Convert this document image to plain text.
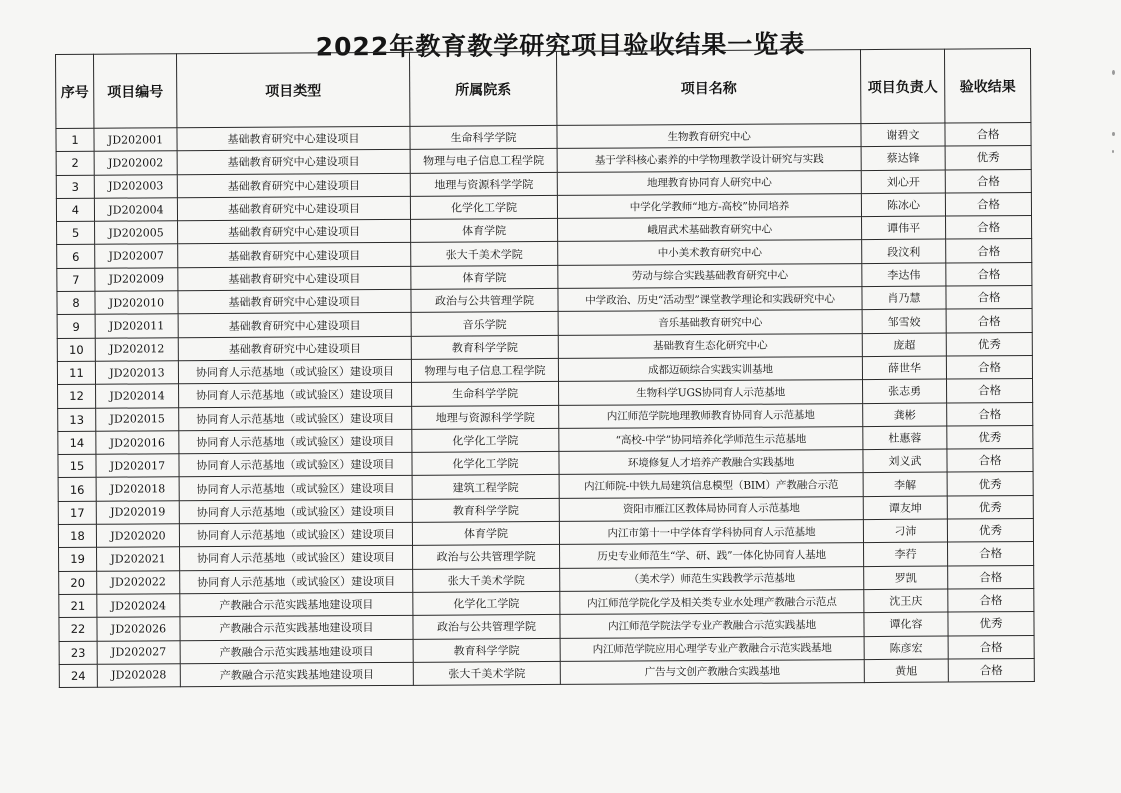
2022年教育教学研究项目验收结果一览表
序号	项目编号	项目类型	所属院系	项目名称	项目负责人	验收结果
1	JD202001	基础教育研究中心建设项目	生命科学学院	生物教育研究中心	谢碧文	合格
2	JD202002	基础教育研究中心建设项目	物理与电子信息工程学院	基于学科核心素养的中学物理教学设计研究与实践	蔡达锋	优秀
3	JD202003	基础教育研究中心建设项目	地理与资源科学学院	地理教育协同育人研究中心	刘心开	合格
4	JD202004	基础教育研究中心建设项目	化学化工学院	中学化学教师“地方-高校”协同培养	陈冰心	合格
5	JD202005	基础教育研究中心建设项目	体育学院	峨眉武术基础教育研究中心	谭伟平	合格
6	JD202007	基础教育研究中心建设项目	张大千美术学院	中小美术教育研究中心	段汶利	合格
7	JD202009	基础教育研究中心建设项目	体育学院	劳动与综合实践基础教育研究中心	李达伟	合格
8	JD202010	基础教育研究中心建设项目	政治与公共管理学院	中学政治、历史“活动型”课堂教学理论和实践研究中心	肖乃慧	合格
9	JD202011	基础教育研究中心建设项目	音乐学院	音乐基础教育研究中心	邹雪姣	合格
10	JD202012	基础教育研究中心建设项目	教育科学学院	基础教育生态化研究中心	庞超	优秀
11	JD202013	协同育人示范基地（或试验区）建设项目	物理与电子信息工程学院	成都迈硕综合实践实训基地	薛世华	合格
12	JD202014	协同育人示范基地（或试验区）建设项目	生命科学学院	生物科学UGS协同育人示范基地	张志勇	合格
13	JD202015	协同育人示范基地（或试验区）建设项目	地理与资源科学学院	内江师范学院地理教师教育协同育人示范基地	龚彬	合格
14	JD202016	协同育人示范基地（或试验区）建设项目	化学化工学院	“高校-中学”协同培养化学师范生示范基地	杜惠蓉	优秀
15	JD202017	协同育人示范基地（或试验区）建设项目	化学化工学院	环境修复人才培养产教融合实践基地	刘义武	合格
16	JD202018	协同育人示范基地（或试验区）建设项目	建筑工程学院	内江师院-中铁九局建筑信息模型（BIM）产教融合示范	李解	优秀
17	JD202019	协同育人示范基地（或试验区）建设项目	教育科学学院	资阳市雁江区教体局协同育人示范基地	谭友坤	优秀
18	JD202020	协同育人示范基地（或试验区）建设项目	体育学院	内江市第十一中学体育学科协同育人示范基地	刁沛	优秀
19	JD202021	协同育人示范基地（或试验区）建设项目	政治与公共管理学院	历史专业师范生“学、研、践”一体化协同育人基地	李荇	合格
20	JD202022	协同育人示范基地（或试验区）建设项目	张大千美术学院	（美术学）师范生实践教学示范基地	罗凯	合格
21	JD202024	产教融合示范实践基地建设项目	化学化工学院	内江师范学院化学及相关类专业水处理产教融合示范点	沈王庆	合格
22	JD202026	产教融合示范实践基地建设项目	政治与公共管理学院	内江师范学院法学专业产教融合示范实践基地	谭化容	优秀
23	JD202027	产教融合示范实践基地建设项目	教育科学学院	内江师范学院应用心理学专业产教融合示范实践基地	陈彦宏	合格
24	JD202028	产教融合示范实践基地建设项目	张大千美术学院	广告与文创产教融合实践基地	黄旭	合格
